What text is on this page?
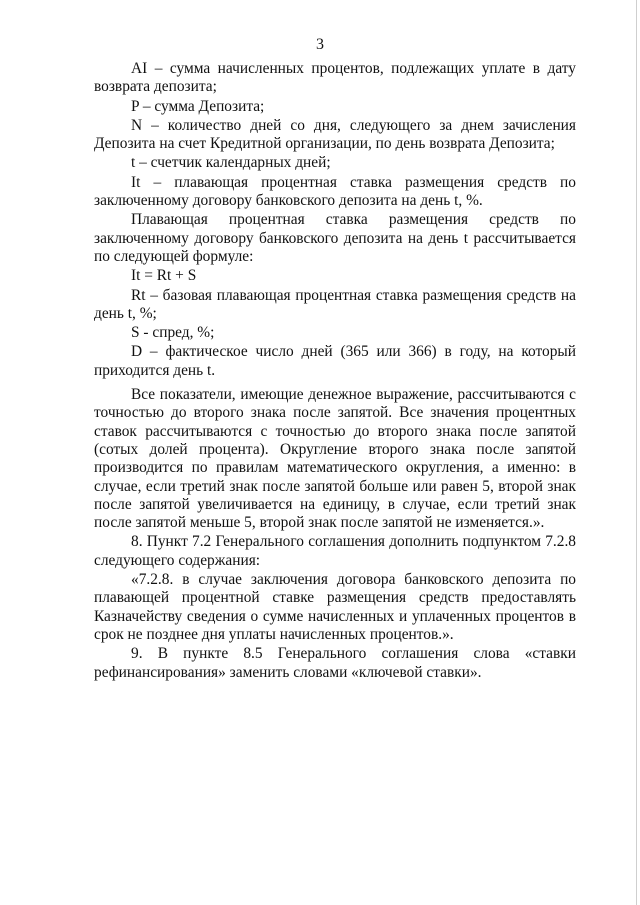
3

AI – сумма начисленных процентов, подлежащих уплате в дату возврата депозита;

P – сумма Депозита;

N – количество дней со дня, следующего за днем зачисления Депозита на счет Кредитной организации, по день возврата Депозита;

t – счетчик календарных дней;

It – плавающая процентная ставка размещения средств по заключенному договору банковского депозита на день t, %.

Плавающая процентная ставка размещения средств по заключенному договору банковского депозита на день t рассчитывается по следующей формуле:

It = Rt + S

Rt – базовая плавающая процентная ставка размещения средств на день t, %;

S - спред, %;

D – фактическое число дней (365 или 366) в году, на который приходится день t.

Все показатели, имеющие денежное выражение, рассчитываются с точностью до второго знака после запятой. Все значения процентных ставок рассчитываются с точностью до второго знака после запятой (сотых долей процента). Округление второго знака после запятой производится по правилам математического округления, а именно: в случае, если третий знак после запятой больше или равен 5, второй знак после запятой увеличивается на единицу, в случае, если третий знак после запятой меньше 5, второй знак после запятой не изменяется.».

8. Пункт 7.2 Генерального соглашения дополнить подпунктом 7.2.8 следующего содержания:

«7.2.8. в случае заключения договора банковского депозита по плавающей процентной ставке размещения средств предоставлять Казначейству сведения о сумме начисленных и уплаченных процентов в срок не позднее дня уплаты начисленных процентов.».

9. В пункте 8.5 Генерального соглашения слова «ставки рефинансирования» заменить словами «ключевой ставки».
